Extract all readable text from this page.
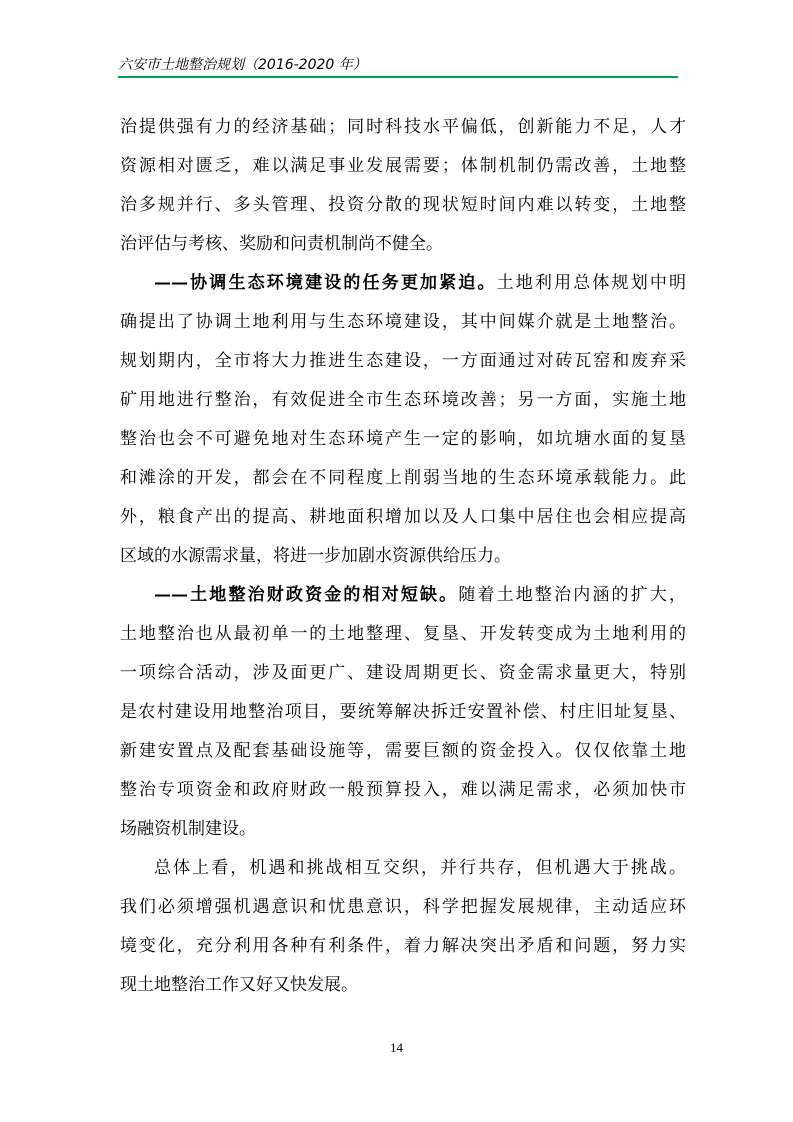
六安市土地整治规划（2016-2020 年）
治提供强有力的经济基础；同时科技水平偏低，创新能力不足，人才
资源相对匮乏，难以满足事业发展需要；体制机制仍需改善，土地整
治多规并行、多头管理、投资分散的现状短时间内难以转变，土地整
治评估与考核、奖励和问责机制尚不健全。
——协调生态环境建设的任务更加紧迫。土地利用总体规划中明
确提出了协调土地利用与生态环境建设，其中间媒介就是土地整治。
规划期内，全市将大力推进生态建设，一方面通过对砖瓦窑和废弃采
矿用地进行整治，有效促进全市生态环境改善；另一方面，实施土地
整治也会不可避免地对生态环境产生一定的影响，如坑塘水面的复垦
和滩涂的开发，都会在不同程度上削弱当地的生态环境承载能力。此
外，粮食产出的提高、耕地面积增加以及人口集中居住也会相应提高
区域的水源需求量，将进一步加剧水资源供给压力。
——土地整治财政资金的相对短缺。随着土地整治内涵的扩大，
土地整治也从最初单一的土地整理、复垦、开发转变成为土地利用的
一项综合活动，涉及面更广、建设周期更长、资金需求量更大，特别
是农村建设用地整治项目，要统筹解决拆迁安置补偿、村庄旧址复垦、
新建安置点及配套基础设施等，需要巨额的资金投入。仅仅依靠土地
整治专项资金和政府财政一般预算投入，难以满足需求，必须加快市
场融资机制建设。
总体上看，机遇和挑战相互交织，并行共存，但机遇大于挑战。
我们必须增强机遇意识和忧患意识，科学把握发展规律，主动适应环
境变化，充分利用各种有利条件，着力解决突出矛盾和问题，努力实
现土地整治工作又好又快发展。
14
